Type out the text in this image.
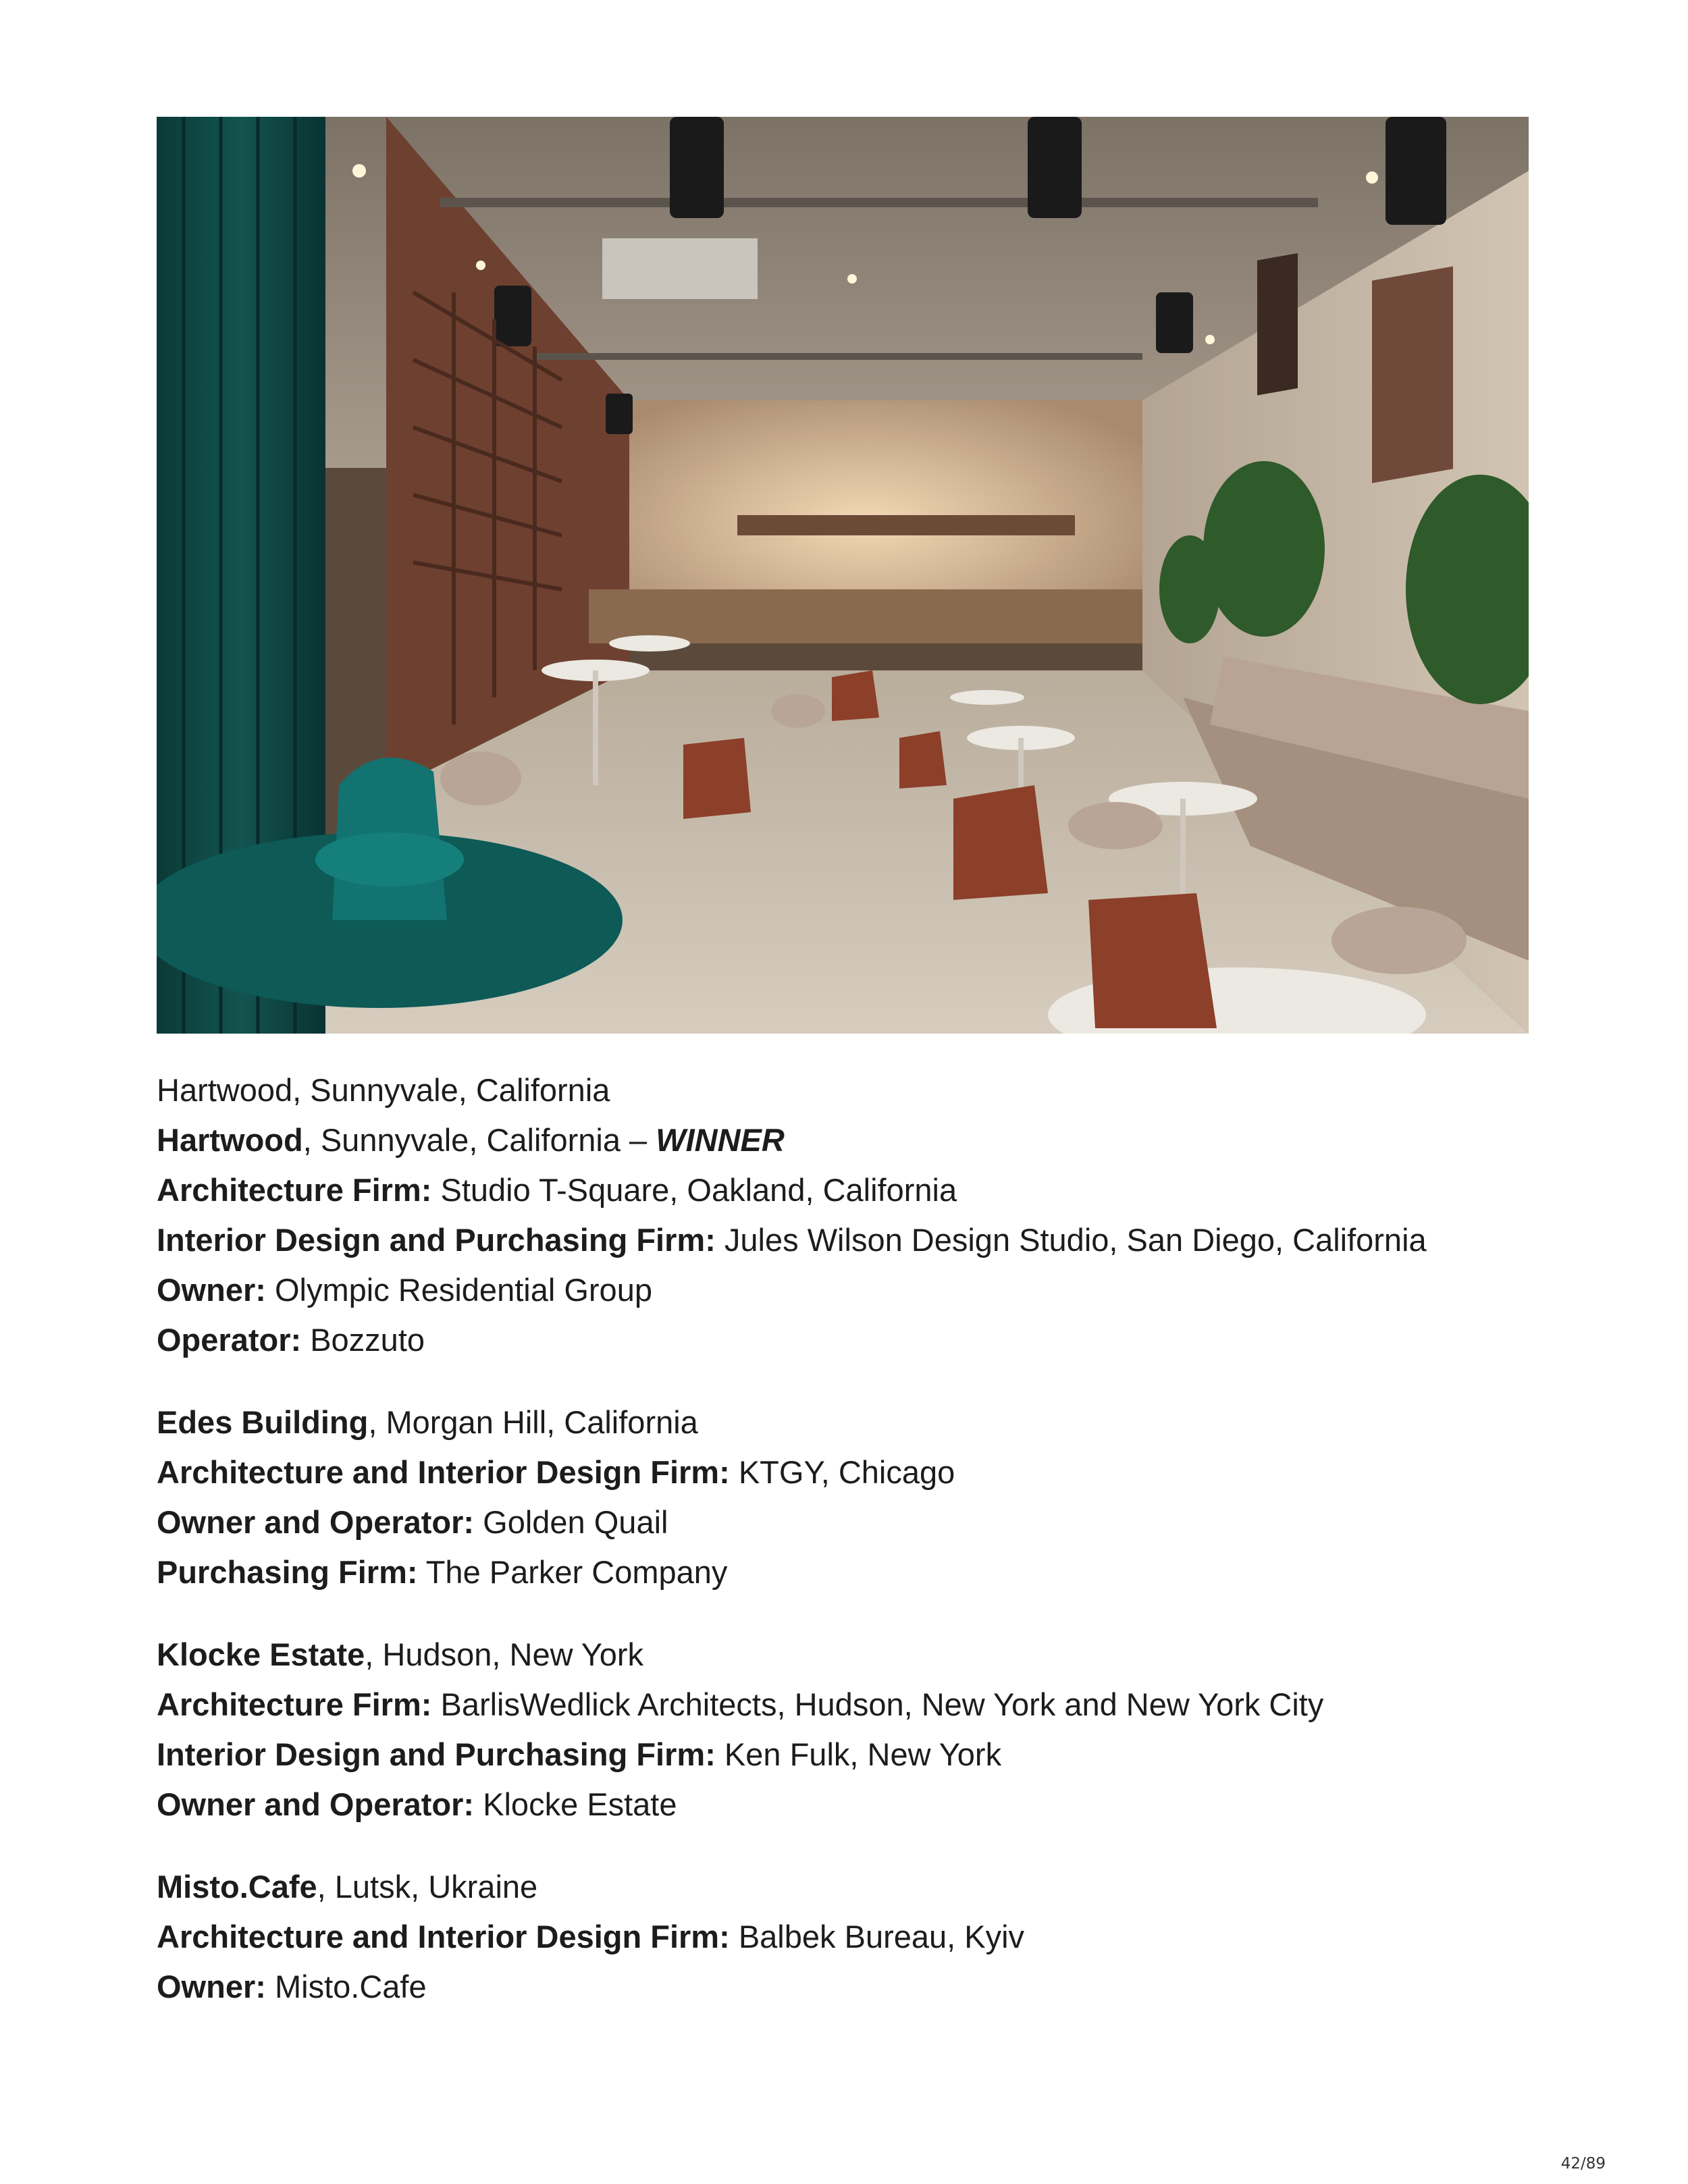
Hartwood, Sunnyvale, California
Hartwood, Sunnyvale, California – WINNER
Architecture Firm: Studio T-Square, Oakland, California
Interior Design and Purchasing Firm: Jules Wilson Design Studio, San Diego, California
Owner: Olympic Residential Group
Operator: Bozzuto
Edes Building, Morgan Hill, California
Architecture and Interior Design Firm: KTGY, Chicago
Owner and Operator: Golden Quail
Purchasing Firm: The Parker Company
Klocke Estate, Hudson, New York
Architecture Firm: BarlisWedlick Architects, Hudson, New York and New York City
Interior Design and Purchasing Firm: Ken Fulk, New York
Owner and Operator: Klocke Estate
Misto.Cafe, Lutsk, Ukraine
Architecture and Interior Design Firm: Balbek Bureau, Kyiv
Owner: Misto.Cafe
42/89
